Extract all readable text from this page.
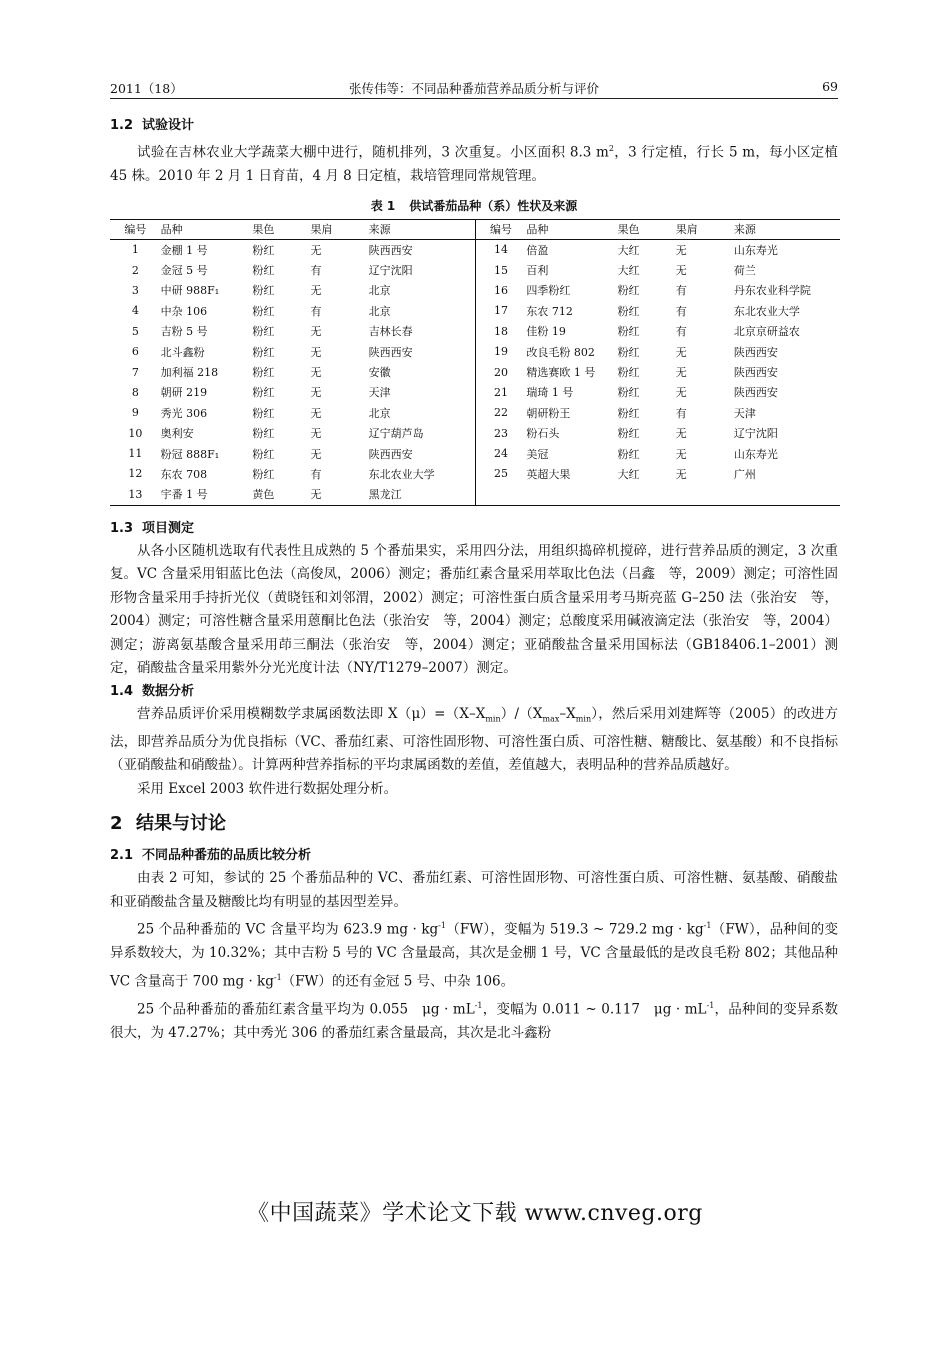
2011（18）	张传伟等：不同品种番茄营养品质分析与评价	69
1.2 试验设计

试验在吉林农业大学蔬菜大棚中进行，随机排列，3 次重复。小区面积 8.3 $m^2$，3 行定植，行长 5 m，每小区定植 45 株。2010 年 2 月 1 日育苗，4 月 8 日定植，栽培管理同常规管理。

表 1 供试番茄品种（系）性状及来源
编号	品种	果色	果肩	来源	编号	品种	果色	果肩	来源
1	金棚 1 号	粉红	无	陕西西安	14	倍盈	大红	无	山东寿光
2	金冠 5 号	粉红	有	辽宁沈阳	15	百利	大红	无	荷兰
3	中研 988F₁	粉红	无	北京	16	四季粉红	粉红	有	丹东农业科学院
4	中杂 106	粉红	有	北京	17	东农 712	粉红	有	东北农业大学
5	吉粉 5 号	粉红	无	吉林长春	18	佳粉 19	粉红	有	北京京研益农
6	北斗鑫粉	粉红	无	陕西西安	19	改良毛粉 802	粉红	无	陕西西安
7	加利福 218	粉红	无	安徽	20	精选赛欧 1 号	粉红	无	陕西西安
8	朝研 219	粉红	无	天津	21	瑞琦 1 号	粉红	无	陕西西安
9	秀光 306	粉红	无	北京	22	朝研粉王	粉红	有	天津
10	奥利安	粉红	无	辽宁葫芦岛	23	粉石头	粉红	无	辽宁沈阳
11	粉冠 888F₁	粉红	无	陕西西安	24	美冠	粉红	无	山东寿光
12	东农 708	粉红	有	东北农业大学	25	英超大果	大红	无	广州
13	宇番 1 号	黄色	无	黑龙江					
1.3 项目测定

从各小区随机选取有代表性且成熟的 5 个番茄果实，采用四分法，用组织捣碎机搅碎，进行营养品质的测定，3 次重复。VC 含量采用钼蓝比色法（高俊凤，2006）测定；番茄红素含量采用萃取比色法（吕鑫　等，2009）测定；可溶性固形物含量采用手持折光仪（黄晓钰和刘邻渭，2002）测定；可溶性蛋白质含量采用考马斯亮蓝 G–250 法（张治安　等，2004）测定；可溶性糖含量采用蒽酮比色法（张治安　等，2004）测定；总酸度采用碱液滴定法（张治安　等，2004）测定；游离氨基酸含量采用茚三酮法（张治安　等，2004）测定；亚硝酸盐含量采用国标法（GB18406.1–2001）测定，硝酸盐含量采用紫外分光光度计法（NY/T1279–2007）测定。

1.4 数据分析

营养品质评价采用模糊数学隶属函数法即 $X(\mu)=(X-X_{min})/(X_{max}-X_{min})$，然后采用刘建辉等（2005）的改进方法，即营养品质分为优良指标（VC、番茄红素、可溶性固形物、可溶性蛋白质、可溶性糖、糖酸比、氨基酸）和不良指标（亚硝酸盐和硝酸盐）。计算两种营养指标的平均隶属函数的差值，差值越大，表明品种的营养品质越好。

采用 Excel 2003 软件进行数据处理分析。

2 结果与讨论
2.1 不同品种番茄的品质比较分析

由表 2 可知，参试的 25 个番茄品种的 VC、番茄红素、可溶性固形物、可溶性蛋白质、可溶性糖、氨基酸、硝酸盐和亚硝酸盐含量及糖酸比均有明显的基因型差异。

25 个品种番茄的 VC 含量平均为 623.9 mg · $kg^{-1}(FW)$，变幅为 519.3 ~ 729.2 mg · $kg^{-1}(FW)$，品种间的变异系数较大，为 10.32%；其中吉粉 5 号的 VC 含量最高，其次是金棚 1 号，VC 含量最低的是改良毛粉 802；其他品种 VC 含量高于 700 mg · $kg^{-1}(FW)$的还有金冠 5 号、中杂 106。

25 个品种番茄的番茄红素含量平均为 0.055　$\mu g \cdot mL^{-1}$，变幅为 0.011 ~ 0.117　$\mu g \cdot mL^{-1}$，品种间的变异系数很大，为 47.27%；其中秀光 306 的番茄红素含量最高，其次是北斗鑫粉

《中国蔬菜》学术论文下载 www.cnveg.org
